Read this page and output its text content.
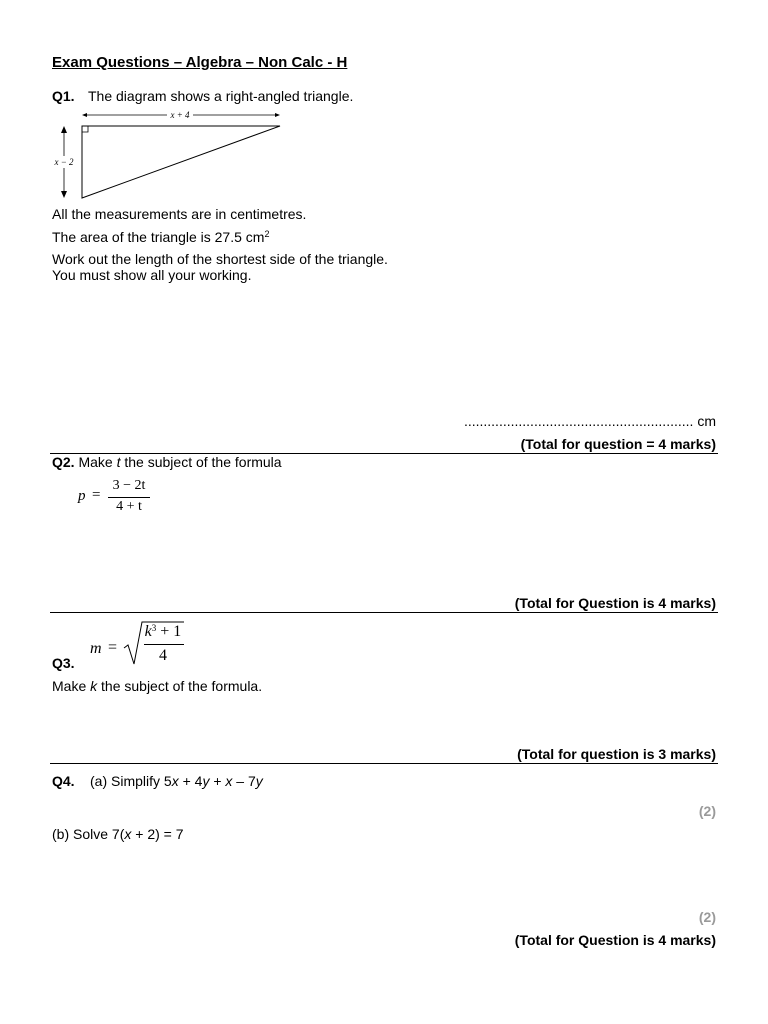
Exam Questions – Algebra – Non Calc - H
Q1. The diagram shows a right-angled triangle.
x + 4
x − 2
All the measurements are in centimetres.
The area of the triangle is 27.5 $cm^2$
Work out the length of the shortest side of the triangle.
You must show all your working.
........................................................... cm
(Total for question = 4 marks)
Q2. Make t the subject of the formula
p =
3 − 2t
4 + t
(Total for Question is 4 marks)
m =
$k^3 + 1$
4
Q3.
Make k the subject of the formula.
(Total for question is 3 marks)
Q4. (a) Simplify 5x + 4y + x – 7y
(2)
(b) Solve 7(x + 2) = 7
(2)
(Total for Question is 4 marks)
